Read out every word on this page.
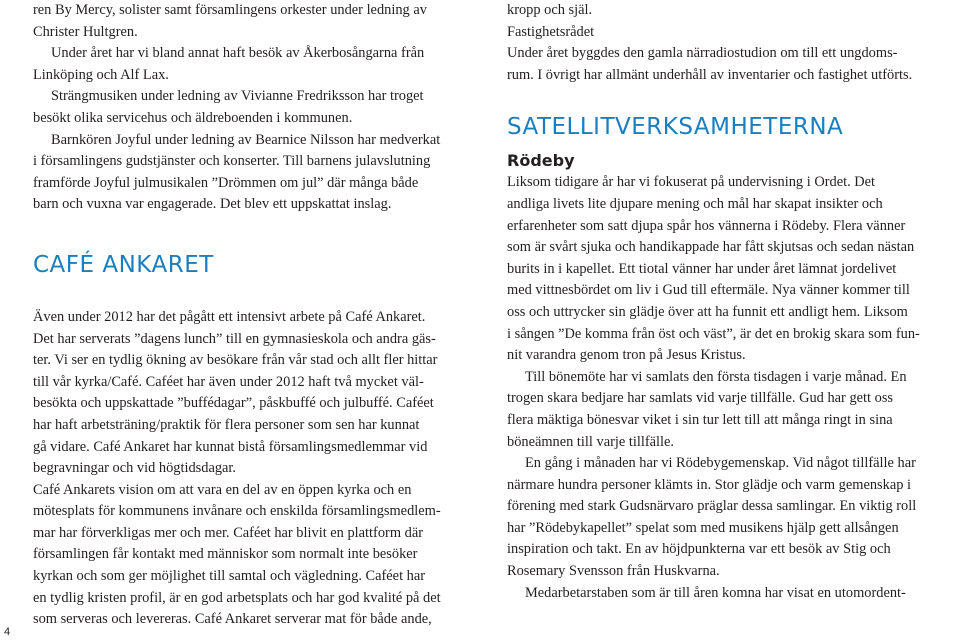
ren By Mercy, solister samt församlingens orkester under ledning av

Christer Hultgren.

Under året har vi bland annat haft besök av Åkerbosångarna från

Linköping och Alf Lax.

Strängmusiken under ledning av Vivianne Fredriksson har troget

besökt olika servicehus och äldreboenden i kommunen.

Barnkören Joyful under ledning av Bearnice Nilsson har medverkat

i församlingens gudstjänster och konserter. Till barnens julavslutning

framförde Joyful julmusikalen ”Drömmen om jul” där många både

barn och vuxna var engagerade. Det blev ett uppskattat inslag.

CAFÉ ANKARET

Även under 2012 har det pågått ett intensivt arbete på Café Ankaret.

Det har serverats ”dagens lunch” till en gymnasieskola och andra gäs-

ter. Vi ser en tydlig ökning av besökare från vår stad och allt fler hittar

till vår kyrka/Café. Caféet har även under 2012 haft två mycket väl-

besökta och uppskattade ”buffédagar”, påskbuffé och julbuffé. Caféet

har haft arbetsträning/praktik för flera personer som sen har kunnat

gå vidare. Café Ankaret har kunnat bistå församlingsmedlemmar vid

begravningar och vid högtidsdagar.

Café Ankarets vision om att vara en del av en öppen kyrka och en

mötesplats för kommunens invånare och enskilda församlingsmedlem-

mar har förverkligas mer och mer. Caféet har blivit en plattform där

församlingen får kontakt med människor som normalt inte besöker

kyrkan och som ger möjlighet till samtal och vägledning. Caféet har

en tydlig kristen profil, är en god arbetsplats och har god kvalité på det

som serveras och levereras. Café Ankaret serverar mat för både ande,

kropp och själ.

Fastighetsrådet

Under året byggdes den gamla närradiostudion om till ett ungdoms-

rum. I övrigt har allmänt underhåll av inventarier och fastighet utförts.

SATELLITVERKSAMHETERNA
Rödeby

Liksom tidigare år har vi fokuserat på undervisning i Ordet. Det

andliga livets lite djupare mening och mål har skapat insikter och

erfarenheter som satt djupa spår hos vännerna i Rödeby. Flera vänner

som är svårt sjuka och handikappade har fått skjutsas och sedan nästan

burits in i kapellet. Ett tiotal vänner har under året lämnat jordelivet

med vittnesbördet om liv i Gud till eftermäle. Nya vänner kommer till

oss och uttrycker sin glädje över att ha funnit ett andligt hem. Liksom

i sången ”De komma från öst och väst”, är det en brokig skara som fun-

nit varandra genom tron på Jesus Kristus.

Till bönemöte har vi samlats den första tisdagen i varje månad. En

trogen skara bedjare har samlats vid varje tillfälle. Gud har gett oss

flera mäktiga bönesvar viket i sin tur lett till att många ringt in sina

böneämnen till varje tillfälle.

En gång i månaden har vi Rödebygemenskap. Vid något tillfälle har

närmare hundra personer klämts in. Stor glädje och varm gemenskap i

förening med stark Gudsnärvaro präglar dessa samlingar. En viktig roll

har ”Rödebykapellet” spelat som med musikens hjälp gett allsången

inspiration och takt. En av höjdpunkterna var ett besök av Stig och

Rosemary Svensson från Huskvarna.

Medarbetarstaben som är till åren komna har visat en utomordent-

4
